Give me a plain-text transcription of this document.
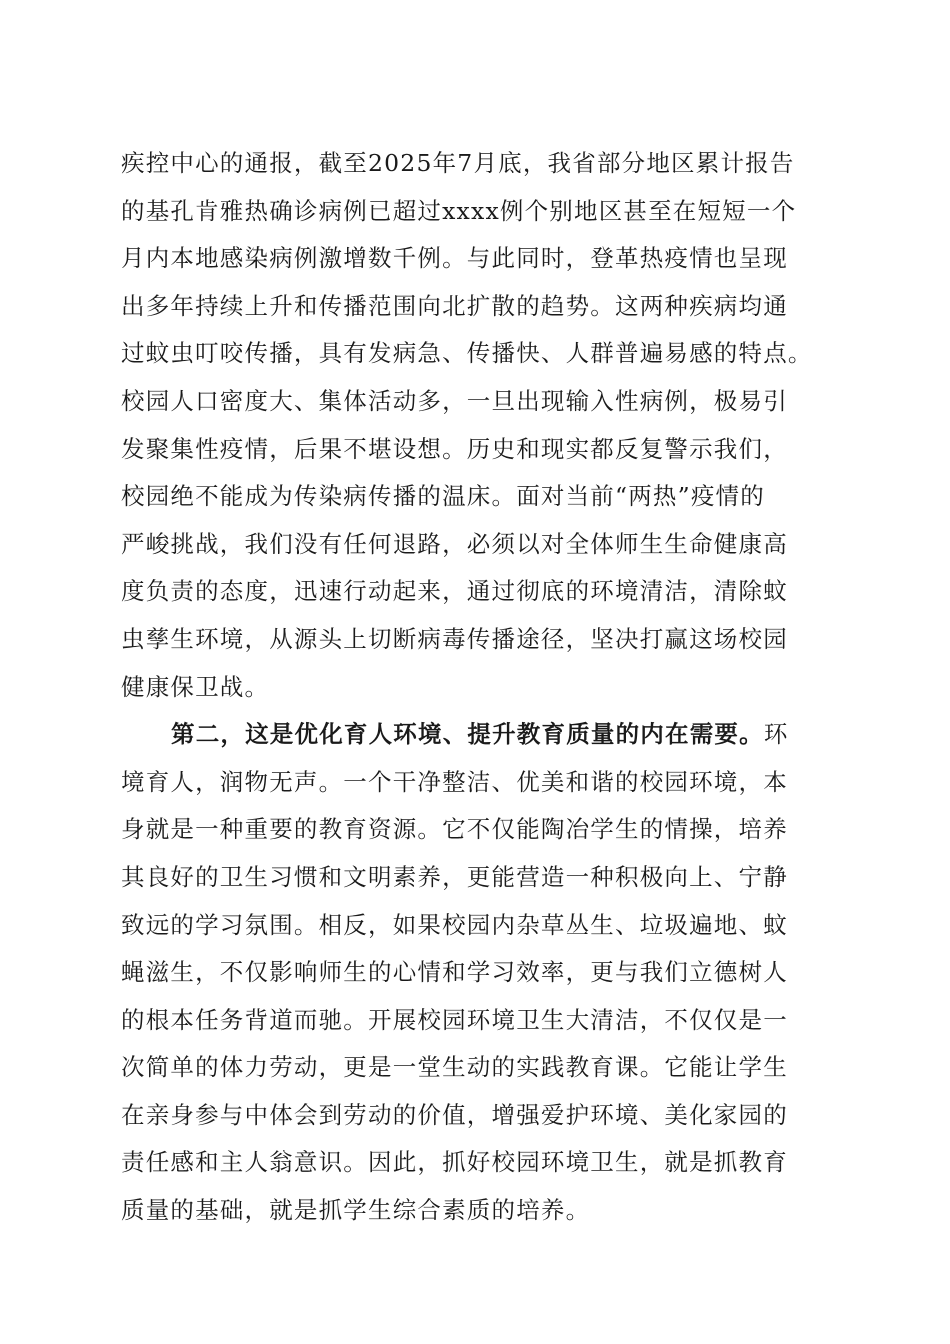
疾控中心的通报，截至2025年7月底，我省部分地区累计报告
的基孔肯雅热确诊病例已超过xxxx例个别地区甚至在短短一个
月内本地感染病例激增数千例。与此同时，登革热疫情也呈现
出多年持续上升和传播范围向北扩散的趋势。这两种疾病均通
过蚊虫叮咬传播，具有发病急、传播快、人群普遍易感的特点。
校园人口密度大、集体活动多，一旦出现输入性病例，极易引
发聚集性疫情，后果不堪设想。历史和现实都反复警示我们，
校园绝不能成为传染病传播的温床。面对当前“两热”疫情的
严峻挑战，我们没有任何退路，必须以对全体师生生命健康高
度负责的态度，迅速行动起来，通过彻底的环境清洁，清除蚊
虫孳生环境，从源头上切断病毒传播途径，坚决打赢这场校园
健康保卫战。
第二，这是优化育人环境、提升教育质量的内在需要。环
境育人，润物无声。一个干净整洁、优美和谐的校园环境，本
身就是一种重要的教育资源。它不仅能陶冶学生的情操，培养
其良好的卫生习惯和文明素养，更能营造一种积极向上、宁静
致远的学习氛围。相反，如果校园内杂草丛生、垃圾遍地、蚊
蝇滋生，不仅影响师生的心情和学习效率，更与我们立德树人
的根本任务背道而驰。开展校园环境卫生大清洁，不仅仅是一
次简单的体力劳动，更是一堂生动的实践教育课。它能让学生
在亲身参与中体会到劳动的价值，增强爱护环境、美化家园的
责任感和主人翁意识。因此，抓好校园环境卫生，就是抓教育
质量的基础，就是抓学生综合素质的培养。
